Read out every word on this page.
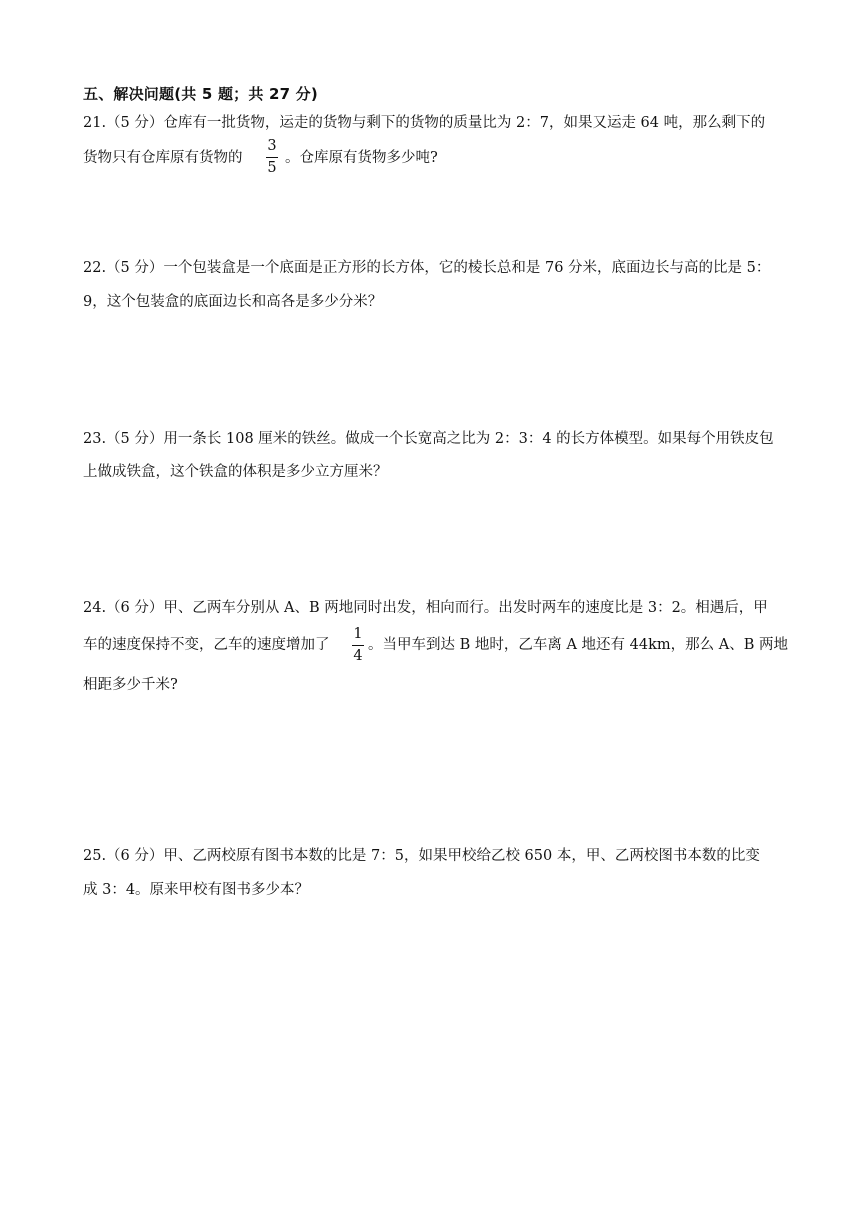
五、解决问题(共 5 题；共 27 分)
21.（5 分）仓库有一批货物，运走的货物与剩下的货物的质量比为 2：7，如果又运走 64 吨，那么剩下的
货物只有仓库原有货物的
3
5
。仓库原有货物多少吨?
22.（5 分）一个包装盒是一个底面是正方形的长方体，它的棱长总和是 76 分米，底面边长与高的比是 5：
9，这个包装盒的底面边长和高各是多少分米？
23.（5 分）用一条长 108 厘米的铁丝。做成一个长宽高之比为 2：3：4 的长方体模型。如果每个用铁皮包
上做成铁盒，这个铁盒的体积是多少立方厘米？
24.（6 分）甲、乙两车分别从 A、B 两地同时出发，相向而行。出发时两车的速度比是 3：2。相遇后，甲
车的速度保持不变，乙车的速度增加了
1
4
。当甲车到达 B 地时，乙车离 A 地还有 44km，那么 A、B 两地
相距多少千米?
25.（6 分）甲、乙两校原有图书本数的比是 7：5，如果甲校给乙校 650 本，甲、乙两校图书本数的比变
成 3：4。原来甲校有图书多少本？
